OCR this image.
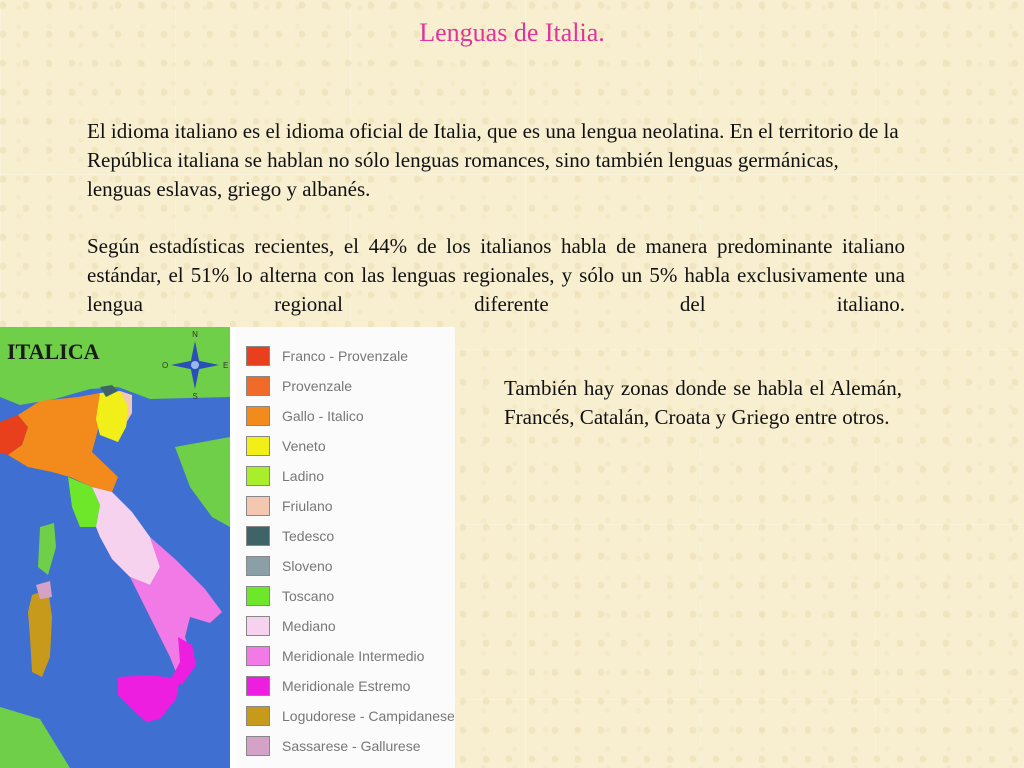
Lenguas de Italia.
El idioma italiano es el idioma oficial de Italia, que es una lengua neolatina. En el territorio de la República italiana se hablan no sólo lenguas romances, sino también lenguas germánicas, lenguas eslavas, griego y albanés.
Según estadísticas recientes, el 44% de los italianos habla de manera predominante italiano estándar, el 51% lo alterna con las lenguas regionales, y sólo un 5% habla exclusivamente una lengua regional diferente del italiano.
También hay zonas donde se habla el Alemán, Francés, Catalán, Croata y Griego entre otros.
N
E
S
O
ITALICA	Franco - Provenzale
Provenzale
Gallo - Italico
Veneto
Ladino
Friulano
Tedesco
Sloveno
Toscano
Mediano
Meridionale Intermedio
Meridionale Estremo
Logudorese - Campidanese
Sassarese - Gallurese
